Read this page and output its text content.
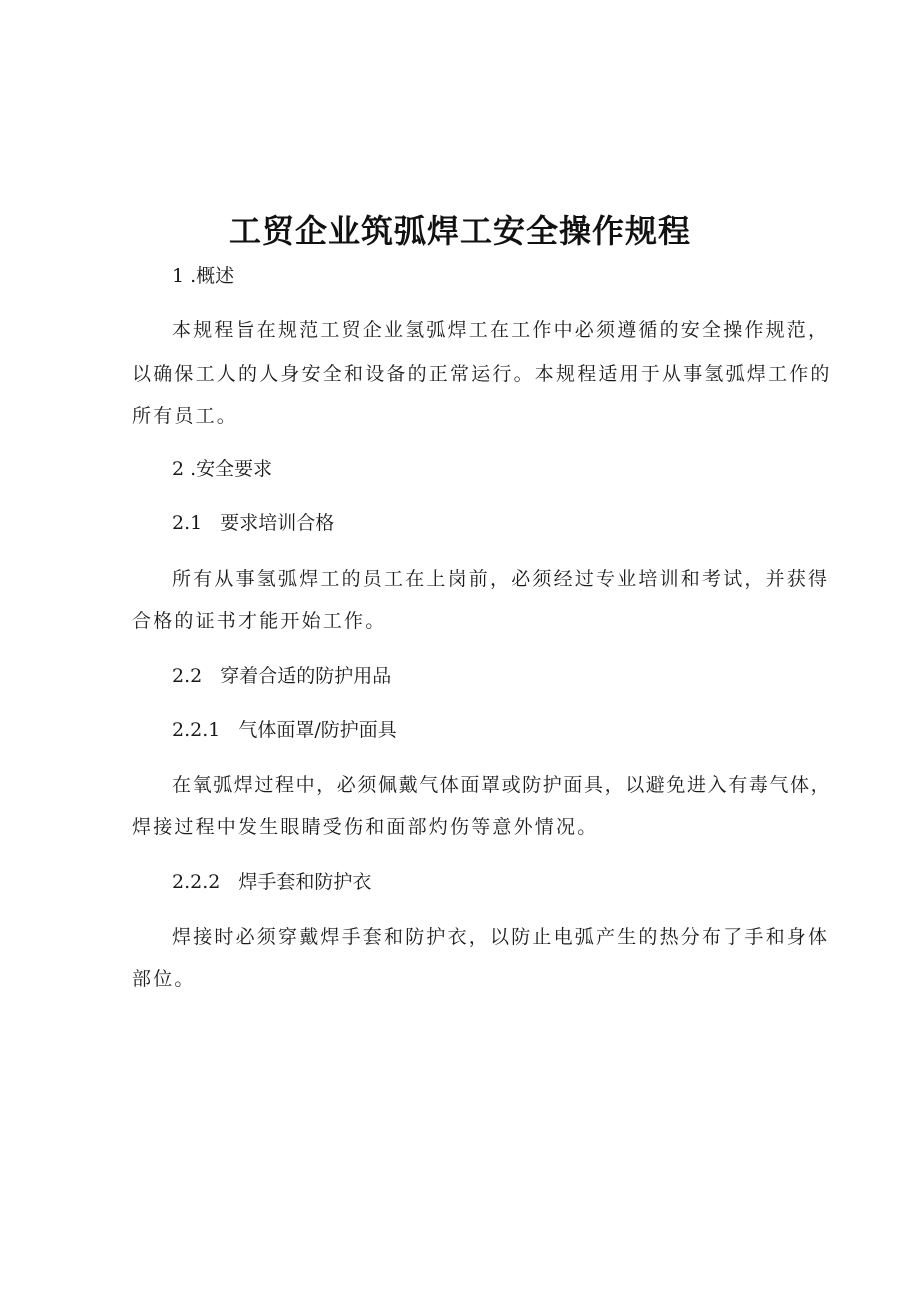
工贸企业筑弧焊工安全操作规程

1 .概述

本规程旨在规范工贸企业氢弧焊工在工作中必须遵循的安全操作规范，

以确保工人的人身安全和设备的正常运行。本规程适用于从事氢弧焊工作的

所有员工。

2 .安全要求

2.1 要求培训合格

所有从事氢弧焊工的员工在上岗前，必须经过专业培训和考试，并获得

合格的证书才能开始工作。

2.2 穿着合适的防护用品

2.2.1 气体面罩/防护面具

在氧弧焊过程中，必须佩戴气体面罩或防护面具，以避免进入有毒气体，

焊接过程中发生眼睛受伤和面部灼伤等意外情况。

2.2.2 焊手套和防护衣

焊接时必须穿戴焊手套和防护衣，以防止电弧产生的热分布了手和身体

部位。
